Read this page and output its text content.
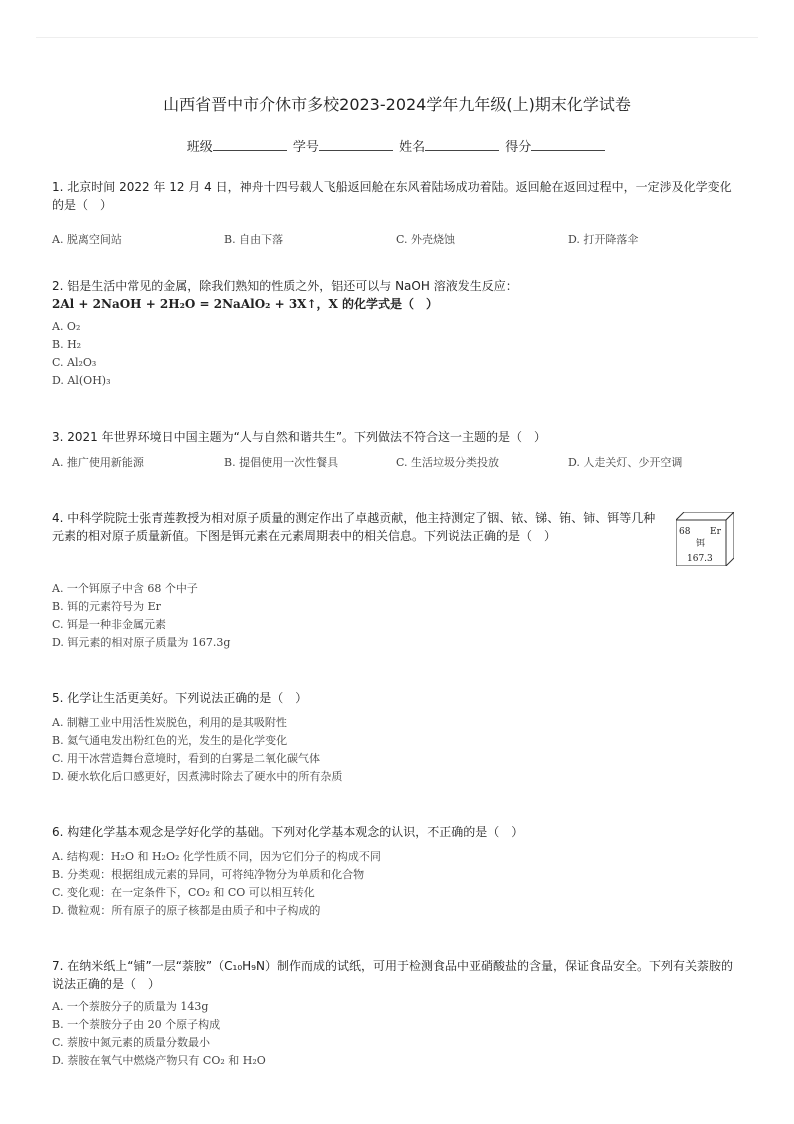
山西省晋中市介休市多校2023-2024学年九年级(上)期末化学试卷
班级	学号	姓名	得分
1. 北京时间 2022 年 12 月 4 日，神舟十四号载人飞船返回舱在东风着陆场成功着陆。返回舱在返回过程中，一定涉及化学变化的是（　）
A. 脱离空间站	B. 自由下落	C. 外壳烧蚀	D. 打开降落伞
2. 铝是生活中常见的金属，除我们熟知的性质之外，铝还可以与 NaOH 溶液发生反应：
2Al + 2NaOH + 2H₂O = 2NaAlO₂ + 3X↑，X 的化学式是（　）
A. O₂
B. H₂
C. Al₂O₃
D. Al(OH)₃
3. 2021 年世界环境日中国主题为“人与自然和谐共生”。下列做法不符合这一主题的是（　）
A. 推广使用新能源	B. 提倡使用一次性餐具	C. 生活垃圾分类投放	D. 人走关灯、少开空调
4. 中科学院院士张青莲教授为相对原子质量的测定作出了卓越贡献，他主持测定了铟、铱、锑、铕、铈、铒等几种元素的相对原子质量新值。下图是铒元素在元素周期表中的相关信息。下列说法正确的是（　）
A. 一个铒原子中含 68 个中子
B. 铒的元素符号为 Er
C. 铒是一种非金属元素
D. 铒元素的相对原子质量为 167.3g
68 Er
铒
167.3
5. 化学让生活更美好。下列说法正确的是（　）
A. 制糖工业中用活性炭脱色，利用的是其吸附性
B. 氦气通电发出粉红色的光，发生的是化学变化
C. 用干冰营造舞台意境时，看到的白雾是二氧化碳气体
D. 硬水软化后口感更好，因煮沸时除去了硬水中的所有杂质
6. 构建化学基本观念是学好化学的基础。下列对化学基本观念的认识，不正确的是（　）
A. 结构观：H₂O 和 H₂O₂ 化学性质不同，因为它们分子的构成不同
B. 分类观：根据组成元素的异同，可将纯净物分为单质和化合物
C. 变化观：在一定条件下，CO₂ 和 CO 可以相互转化
D. 微粒观：所有原子的原子核都是由质子和中子构成的
7. 在纳米纸上“铺”一层“萘胺”（C₁₀H₉N）制作而成的试纸，可用于检测食品中亚硝酸盐的含量，保证食品安全。下列有关萘胺的说法正确的是（　）
A. 一个萘胺分子的质量为 143g
B. 一个萘胺分子由 20 个原子构成
C. 萘胺中氮元素的质量分数最小
D. 萘胺在氧气中燃烧产物只有 CO₂ 和 H₂O
